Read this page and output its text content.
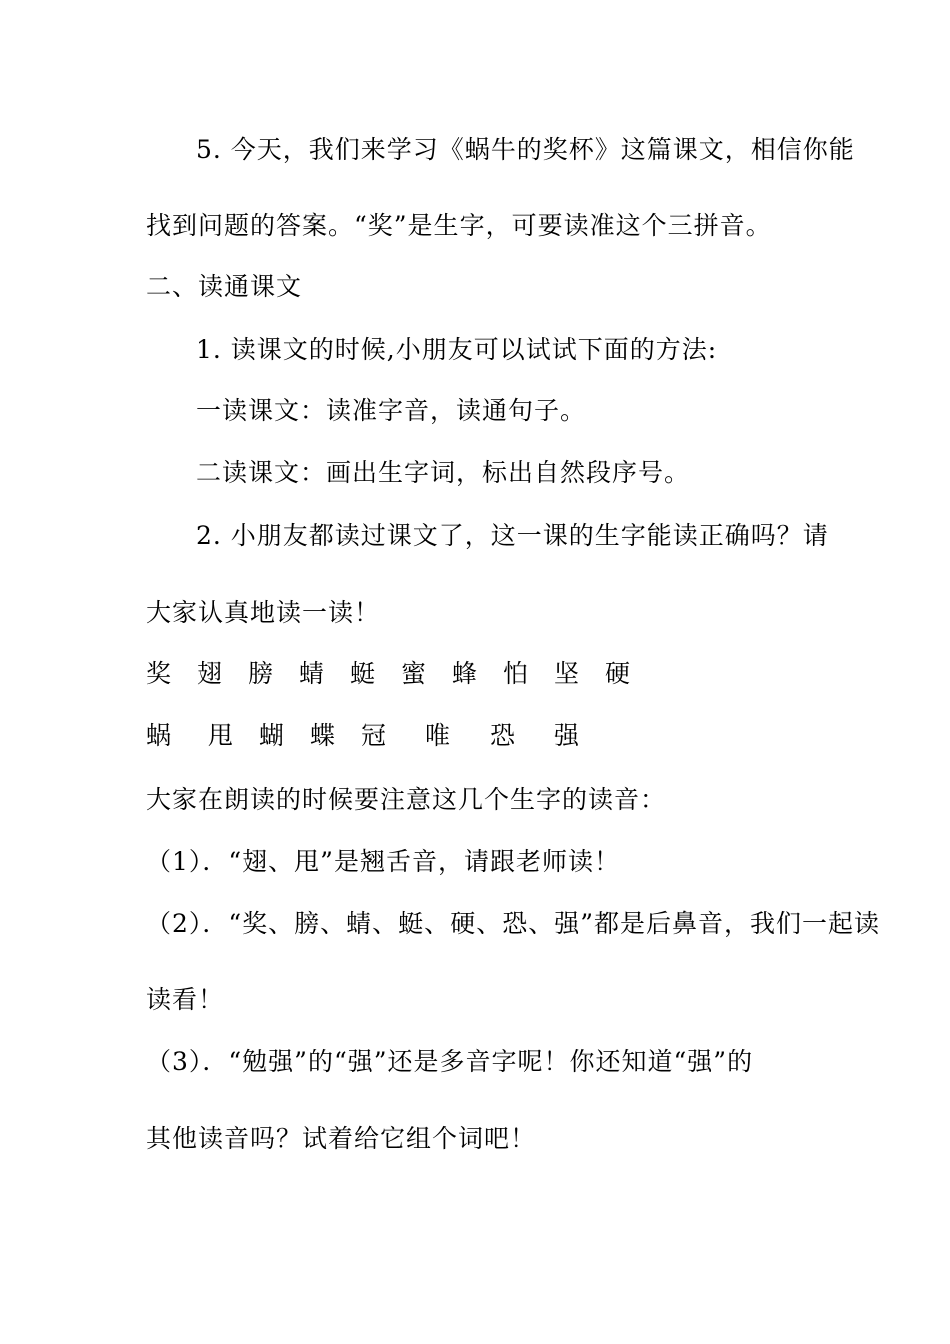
5. 今天，我们来学习《蜗牛的奖杯》这篇课文，相信你能
找到问题的答案。“奖”是生字，可要读准这个三拼音。
二、读通课文
1. 读课文的时候,小朋友可以试试下面的方法:
一读课文：读准字音，读通句子。
二读课文：画出生字词，标出自然段序号。
2. 小朋友都读过课文了，这一课的生字能读正确吗？请
大家认真地读一读！
奖 翅 膀 蜻 蜓 蜜 蜂 怕 坚 硬
蜗 甩 蝴 蝶 冠 唯 恐 强
大家在朗读的时候要注意这几个生字的读音：
（1）．“翅、甩”是翘舌音，请跟老师读！
（2）．“奖、膀、蜻、蜓、硬、恐、强”都是后鼻音，我们一起读
读看！
（3）．“勉强”的“强”还是多音字呢！你还知道“强”的
其他读音吗？试着给它组个词吧！
